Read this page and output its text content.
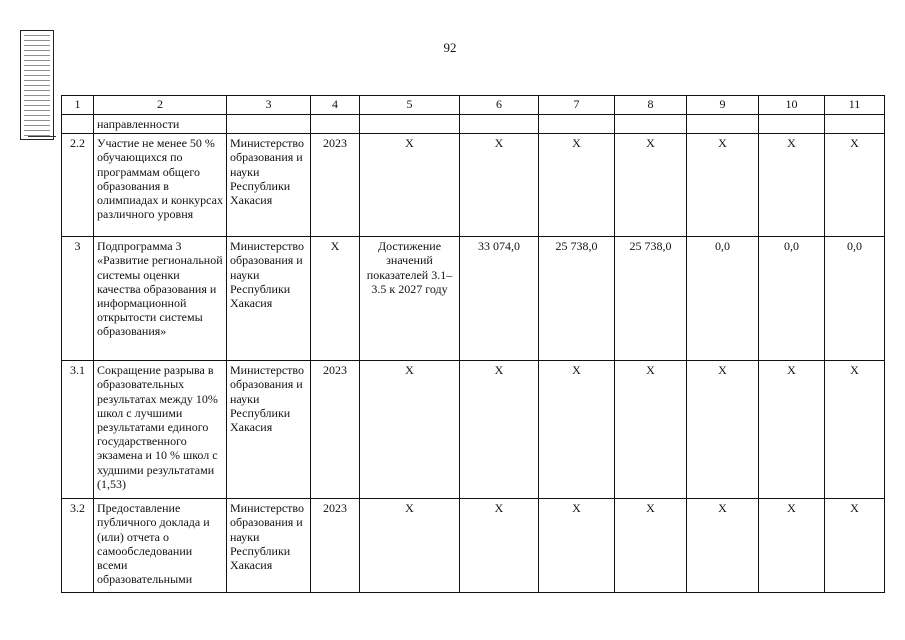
92
1	2	3	4	5	6	7	8	9	10	11
	направленности									
2.2	Участие не менее 50 % обучающихся по программам общего образования в олимпиадах и конкурсах различного уровня	Министерство образования и науки Республики Хакасия	2023	Х	Х	Х	Х	Х	Х	Х
3	Подпрограмма 3 «Развитие региональной системы оценки качества образования и информационной открытости системы образования»	Министерство образования и науки Республики Хакасия	Х	Достижение значений показателей 3.1–3.5 к 2027 году	33 074,0	25 738,0	25 738,0	0,0	0,0	0,0
3.1	Сокращение разрыва в образовательных результатах между 10% школ с лучшими результатами единого государственного экзамена и 10 % школ с худшими результатами (1,53)	Министерство образования и науки Республики Хакасия	2023	Х	Х	Х	Х	Х	Х	Х
3.2	Предоставление публичного доклада и (или) отчета о самообследовании всеми образовательными	Министерство образования и науки Республики Хакасия	2023	Х	Х	Х	Х	Х	Х	Х
